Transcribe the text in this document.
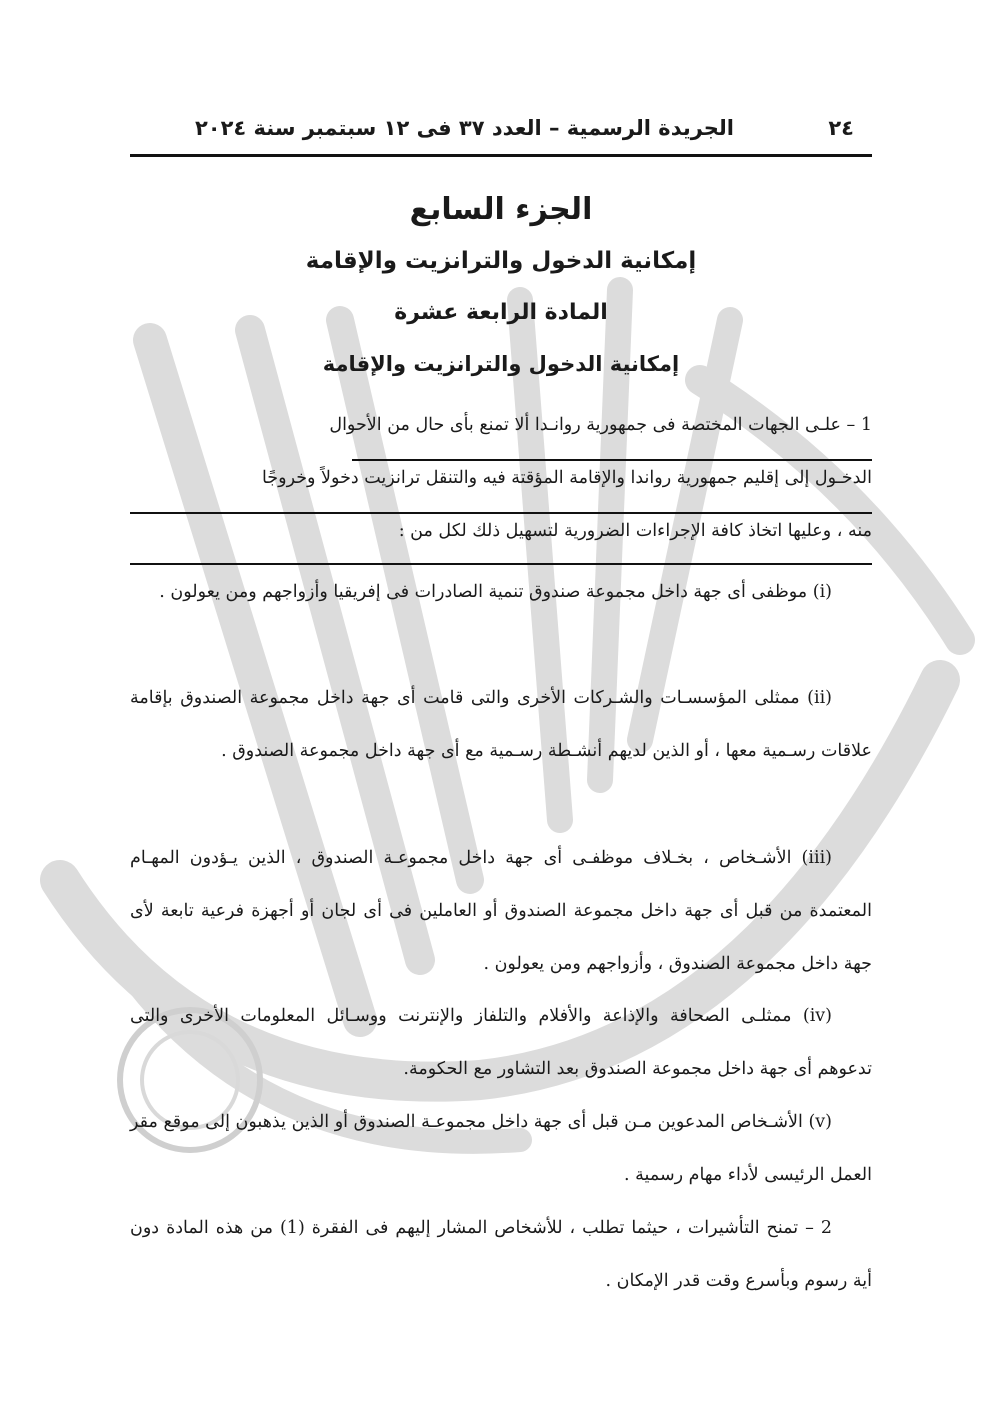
٢٤
الجريدة الرسمية – العدد ٣٧ فى ١٢ سبتمبر سنة ٢٠٢٤
الجزء السابع
إمكانية الدخول والترانزيت والإقامة
المادة الرابعة عشرة
إمكانية الدخول والترانزيت والإقامة
1 – علـى الجهات المختصة فى جمهورية روانـدا ألا تمنع بأى حال من الأحوال
الدخـول إلى إقليم جمهورية رواندا والإقامة المؤقتة فيه والتنقل ترانزيت دخولاً وخروجًا
منه ، وعليها اتخاذ كافة الإجراءات الضرورية لتسهيل ذلك لكل من :
(i) موظفى أى جهة داخل مجموعة صندوق تنمية الصادرات فى إفريقيا وأزواجهم ومن يعولون .
(ii) ممثلى المؤسسـات والشـركات الأخرى والتى قامت أى جهة داخل مجموعة الصندوق بإقامة علاقات رسـمية معها ، أو الذين لديهم أنشـطة رسـمية مع أى جهة داخل مجموعة الصندوق .
(iii) الأشـخاص ، بخـلاف موظفـى أى جهة داخل مجموعـة الصندوق ، الذين يـؤدون المهـام المعتمدة من قبل أى جهة داخل مجموعة الصندوق أو العاملين فى أى لجان أو أجهزة فرعية تابعة لأى جهة داخل مجموعة الصندوق ، وأزواجهم ومن يعولون .
(iv) ممثلـى الصحافة والإذاعة والأفلام والتلفاز والإنترنت ووسـائل المعلومات الأخرى والتى تدعوهم أى جهة داخل مجموعة الصندوق بعد التشاور مع الحكومة.
(v) الأشـخاص المدعوين مـن قبل أى جهة داخل مجموعـة الصندوق أو الذين يذهبون إلى موقع مقر العمل الرئيسى لأداء مهام رسمية .
2 – تمنح التأشيرات ، حيثما تطلب ، للأشخاص المشار إليهم فى الفقرة (1) من هذه المادة دون أية رسوم وبأسرع وقت قدر الإمكان .
